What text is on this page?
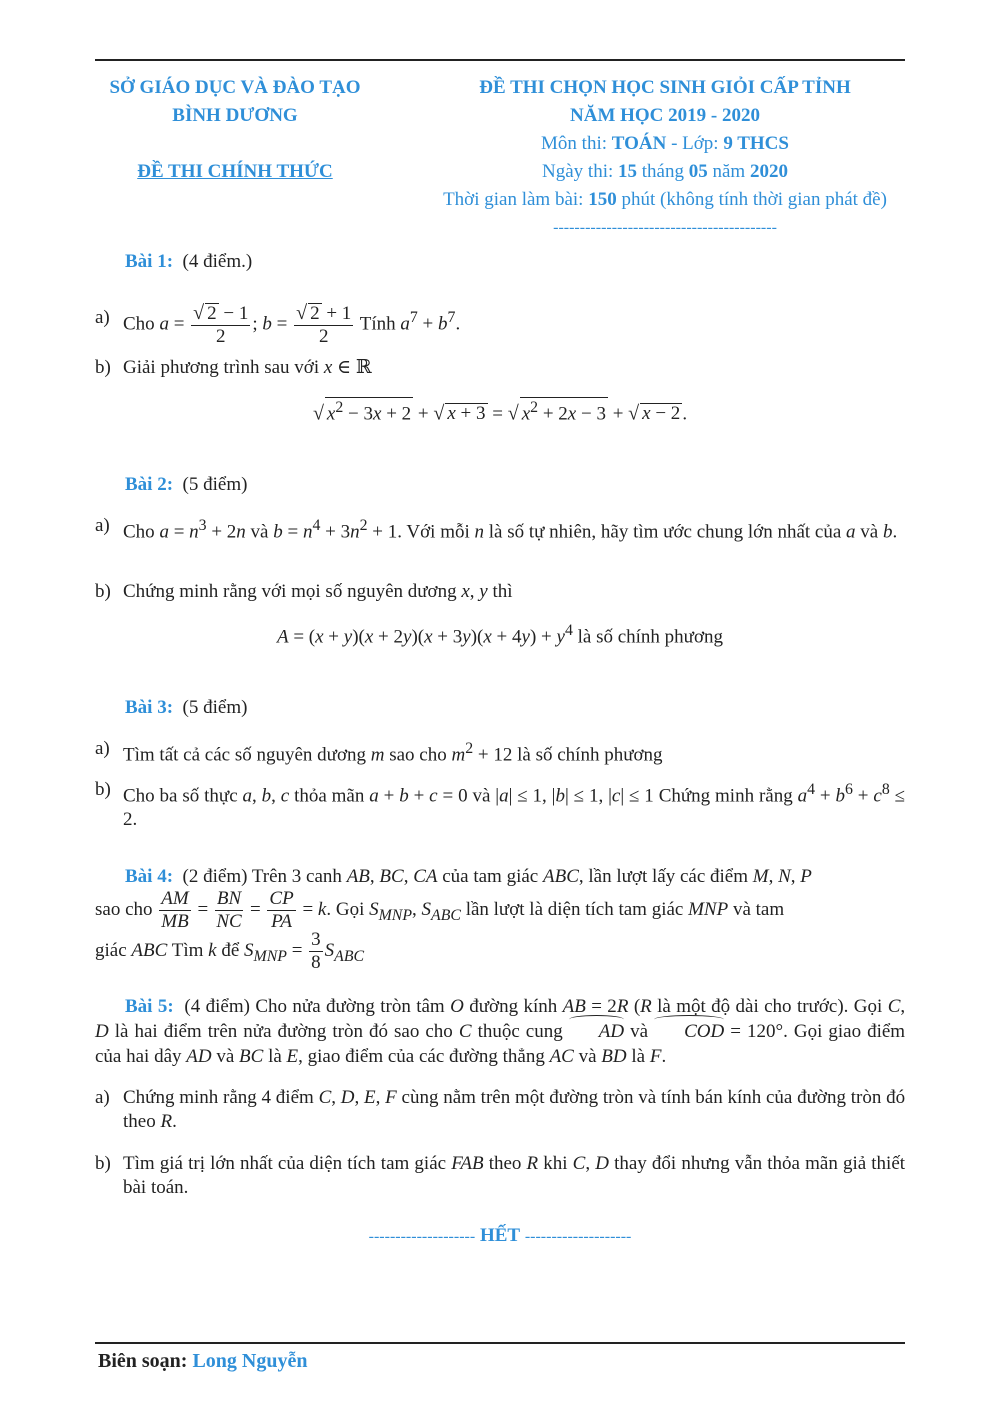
SỞ GIÁO DỤC VÀ ĐÀO TẠO
BÌNH DƯƠNG
ĐỀ THI CHÍNH THỨC
ĐỀ THI CHỌN HỌC SINH GIỎI CẤP TỈNH
NĂM HỌC 2019 - 2020
Môn thi: TOÁN - Lớp: 9 THCS
Ngày thi: 15 tháng 05 năm 2020
Thời gian làm bài: 150 phút (không tính thời gian phát đề)
------------------------------------------
Bài 1: (4 điểm.)
a) Cho $a = \frac{√ 2 - 1}{2}$ ; $b = \frac{√ 2 + 1}{2}$ Tính $a^7 + b^7$.
b) Giải phương trình sau với x ∈ ℝ
√ $x^2 - 3x + 2$ + √ x + 3 = √ $x^2 + 2x - 3$ + √ x − 2 .
Bài 2: (5 điểm)
a) Cho $a = n^3 + 2n$ và $b = n^4 + 3n^2 + 1$. Với mỗi n là số tự nhiên, hãy tìm ước chung lớn nhất của a và b.
b) Chứng minh rằng với mọi số nguyên dương x, y thì
$A = (x + y)(x + 2y)(x + 3y)(x + 4y) + y^4$ là số chính phương
Bài 3: (5 điểm)
a) Tìm tất cả các số nguyên dương m sao cho $m^2 + 12$ là số chính phương
b) Cho ba số thực a, b, c thỏa mãn a + b + c = 0 và |a| ≤ 1, |b| ≤ 1, |c| ≤ 1 Chứng minh rằng $a^4 + b^6 + c^8 \le 2$.
Bài 4: (2 điểm) Trên 3 canh AB, BC, CA của tam giác ABC, lần lượt lấy các điểm M, N, P
sao cho $\frac{AM}{MB} = \frac{BN}{NC} = \frac{CP}{PA} = k$. Gọi $S_{MNP}$, $S_{ABC}$ lần lượt là diện tích tam giác MNP và tam
giác ABC Tìm k để $S_{MNP} = \frac{3}{8} S_{ABC}$
Bài 5: (4 điểm) Cho nửa đường tròn tâm O đường kính AB = 2R (R là một độ dài cho trước). Gọi C, D là hai điểm trên nửa đường tròn đó sao cho C thuộc cung AD và COD = 120°. Gọi giao điểm của hai dây AD và BC là E, giao điểm của các đường thẳng AC và BD là F.
a) Chứng minh rằng 4 điểm C, D, E, F cùng nằm trên một đường tròn và tính bán kính của đường tròn đó theo R.
b) Tìm giá trị lớn nhất của diện tích tam giác FAB theo R khi C, D thay đổi nhưng vẫn thỏa mãn giả thiết bài toán.
-------------------- HẾT --------------------
Biên soạn: Long Nguyễn
